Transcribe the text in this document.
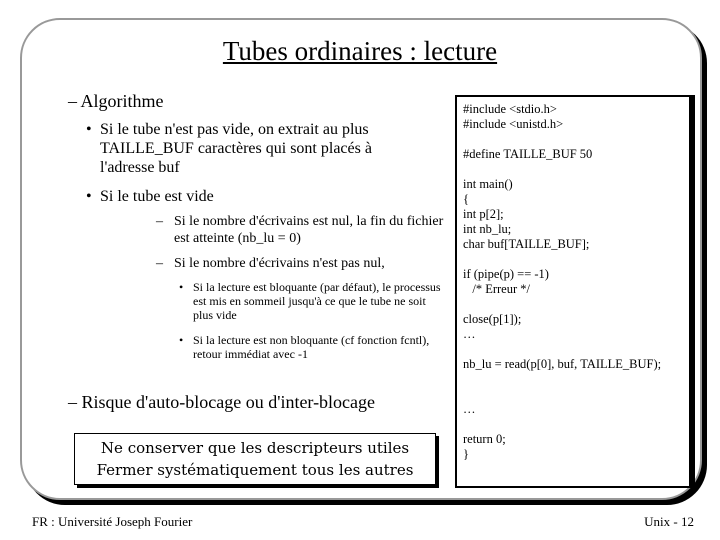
Tubes ordinaires : lecture
– Algorithme
• Si le tube n'est pas vide, on extrait au plus TAILLE_BUF caractères qui sont placés à l'adresse buf
• Si le tube est vide
– Si le nombre d'écrivains est nul, la fin du fichier est atteinte (nb_lu = 0)
– Si le nombre d'écrivains n'est pas nul,
• Si la lecture est bloquante (par défaut), le processus est mis en sommeil jusqu'à ce que le tube ne soit plus vide
• Si la lecture est non bloquante (cf fonction fcntl), retour immédiat avec -1
– Risque d'auto-blocage ou d'inter-blocage
Ne conserver que les descripteurs utiles
Fermer systématiquement tous les autres
#include <stdio.h>
#include <unistd.h>
#define TAILLE_BUF 50
int main()
{
int p[2];
int nb_lu;
char buf[TAILLE_BUF];
if (pipe(p) == -1)
/* Erreur */
close(p[1]);
…
nb_lu = read(p[0], buf, TAILLE_BUF);
…
return 0;
}
FR : Université Joseph Fourier	Unix - 12
